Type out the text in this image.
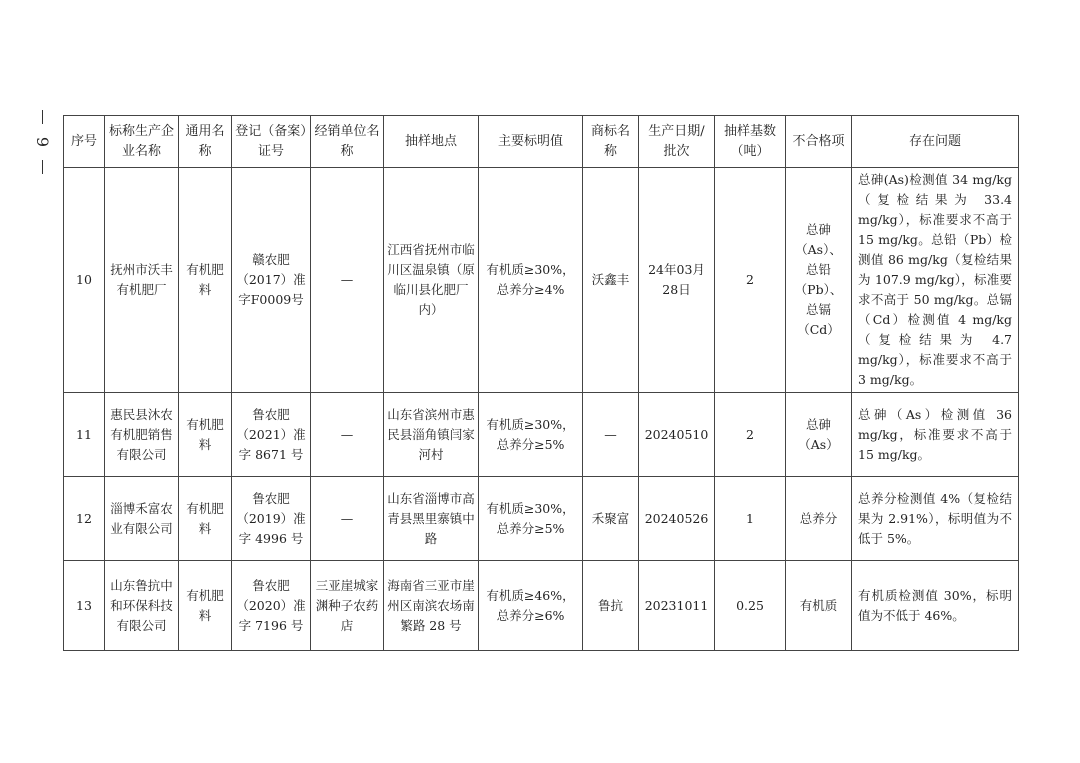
9 序号	标称生产企业名称	通用名称	登记（备案）证号	经销单位名称	抽样地点	主要标明值	商标名称	生产日期/批次	抽样基数（吨）	不合格项	存在问题
10	抚州市沃丰有机肥厂	有机肥料	赣农肥（2017）准字F0009号	—	江西省抚州市临川区温泉镇（原临川县化肥厂内）	有机质≥30%，总养分≥4%	沃鑫丰	24年03月28日	2	总砷（As）、总铅（Pb）、总镉（Cd）	总砷(As)检测值 34 mg/kg（复检结果为 33.4 mg/kg），标准要求不高于 15 mg/kg。总铅（Pb）检测值 86 mg/kg（复检结果为 107.9 mg/kg），标准要求不高于 50 mg/kg。总镉（Cd）检测值 4 mg/kg（复检结果为 4.7 mg/kg），标准要求不高于 3 mg/kg。
11	惠民县沐农有机肥销售有限公司	有机肥料	鲁农肥（2021）准字 8671 号	—	山东省滨州市惠民县淄角镇闫家河村	有机质≥30%，总养分≥5%	—	20240510	2	总砷（As）	总砷（As）检测值 36 mg/kg，标准要求不高于 15 mg/kg。
12	淄博禾富农业有限公司	有机肥料	鲁农肥（2019）准字 4996 号	—	山东省淄博市高青县黑里寨镇中路	有机质≥30%，总养分≥5%	禾聚富	20240526	1	总养分	总养分检测值 4%（复检结果为 2.91%），标明值为不低于 5%。
13	山东鲁抗中和环保科技有限公司	有机肥料	鲁农肥（2020）准字 7196 号	三亚崖城家渊种子农药店	海南省三亚市崖州区南滨农场南繁路 28 号	有机质≥46%，总养分≥6%	鲁抗	20231011	0.25	有机质	有机质检测值 30%，标明值为不低于 46%。
